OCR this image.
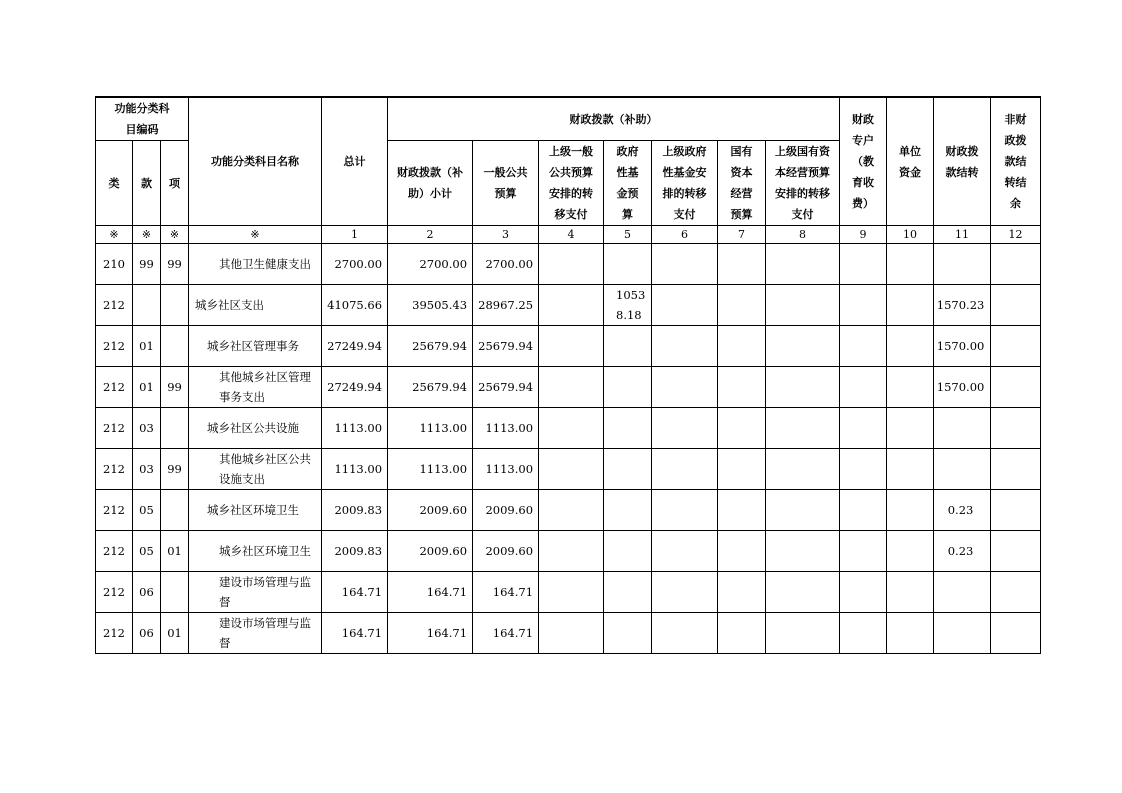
功能分类科目编码			功能分类科目名称	总计	财政拨款（补助）							财政专户（教育收费）	单位资金	财政拨款结转	非财政拨款结转结余
类	款	项			财政拨款（补助）小计	一般公共预算	上级一般公共预算安排的转移支付	政府性基金预算	上级政府性基金安排的转移支付	国有资本经营预算	上级国有资本经营预算安排的转移支付				
※	※	※	※	1	2	3	4	5	6	7	8	9	10	11	12
210	99	99	其他卫生健康支出	2700.00	2700.00	2700.00									
212			城乡社区支出	41075.66	39505.43	28967.25		10538.18						1570.23	
212	01		城乡社区管理事务	27249.94	25679.94	25679.94								1570.00	
212	01	99	其他城乡社区管理事务支出	27249.94	25679.94	25679.94								1570.00	
212	03		城乡社区公共设施	1113.00	1113.00	1113.00									
212	03	99	其他城乡社区公共设施支出	1113.00	1113.00	1113.00									
212	05		城乡社区环境卫生	2009.83	2009.60	2009.60								0.23	
212	05	01	城乡社区环境卫生	2009.83	2009.60	2009.60								0.23	
212	06		建设市场管理与监督	164.71	164.71	164.71									
212	06	01	建设市场管理与监督	164.71	164.71	164.71									
